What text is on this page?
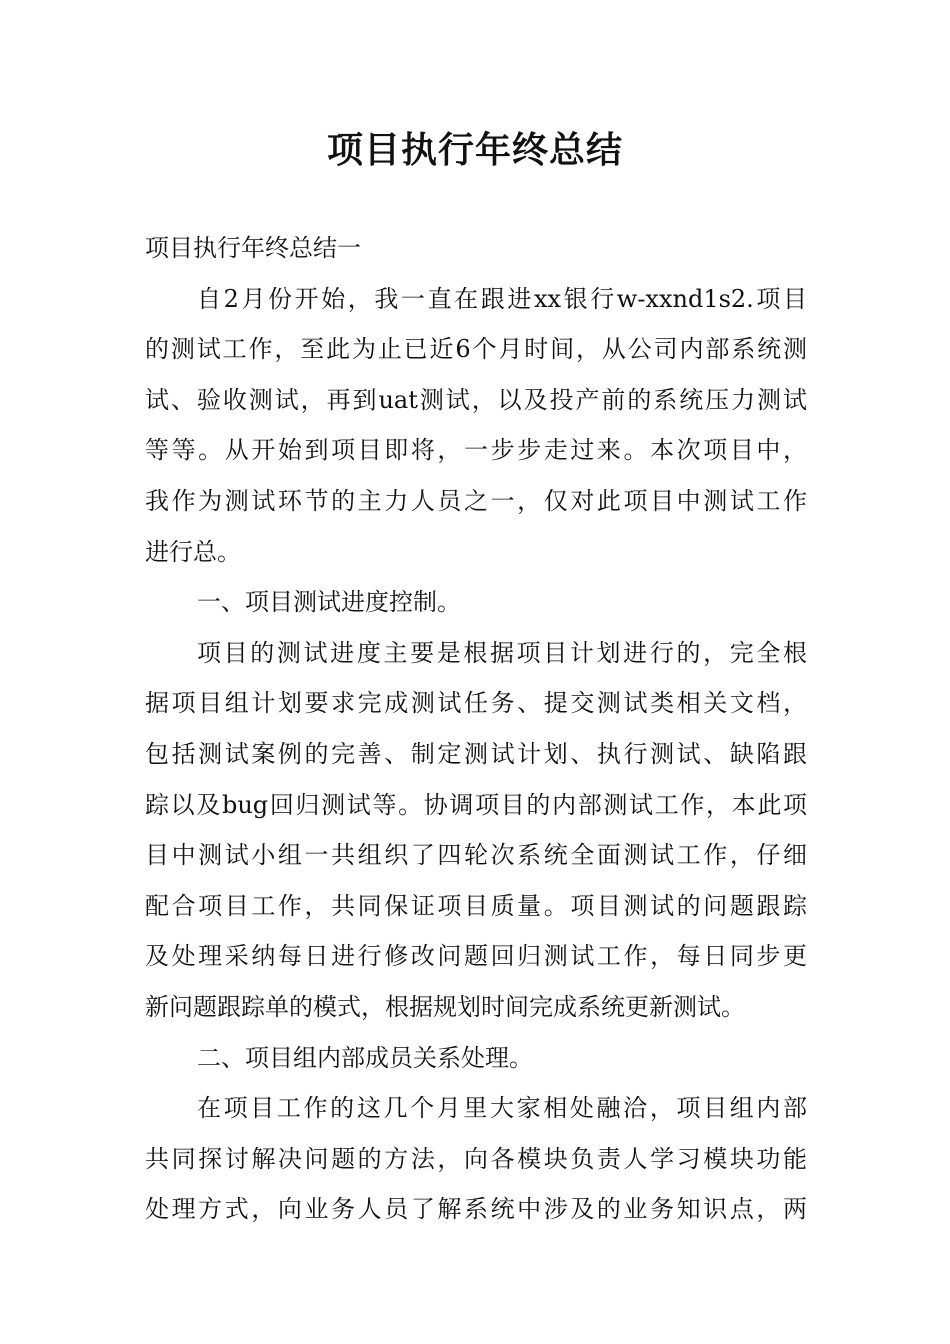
项目执行年终总结
项目执行年终总结一
自2月份开始，我一直在跟进xx银行w-xxnd1s2.项目
的测试工作，至此为止已近6个月时间，从公司内部系统测
试、验收测试，再到uat测试，以及投产前的系统压力测试
等等。从开始到项目即将，一步步走过来。本次项目中，
我作为测试环节的主力人员之一，仅对此项目中测试工作
进行总。
一、项目测试进度控制。
项目的测试进度主要是根据项目计划进行的，完全根
据项目组计划要求完成测试任务、提交测试类相关文档，
包括测试案例的完善、制定测试计划、执行测试、缺陷跟
踪以及bug回归测试等。协调项目的内部测试工作，本此项
目中测试小组一共组织了四轮次系统全面测试工作，仔细
配合项目工作，共同保证项目质量。项目测试的问题跟踪
及处理采纳每日进行修改问题回归测试工作，每日同步更
新问题跟踪单的模式，根据规划时间完成系统更新测试。
二、项目组内部成员关系处理。
在项目工作的这几个月里大家相处融洽，项目组内部
共同探讨解决问题的方法，向各模块负责人学习模块功能
处理方式，向业务人员了解系统中涉及的业务知识点，两
